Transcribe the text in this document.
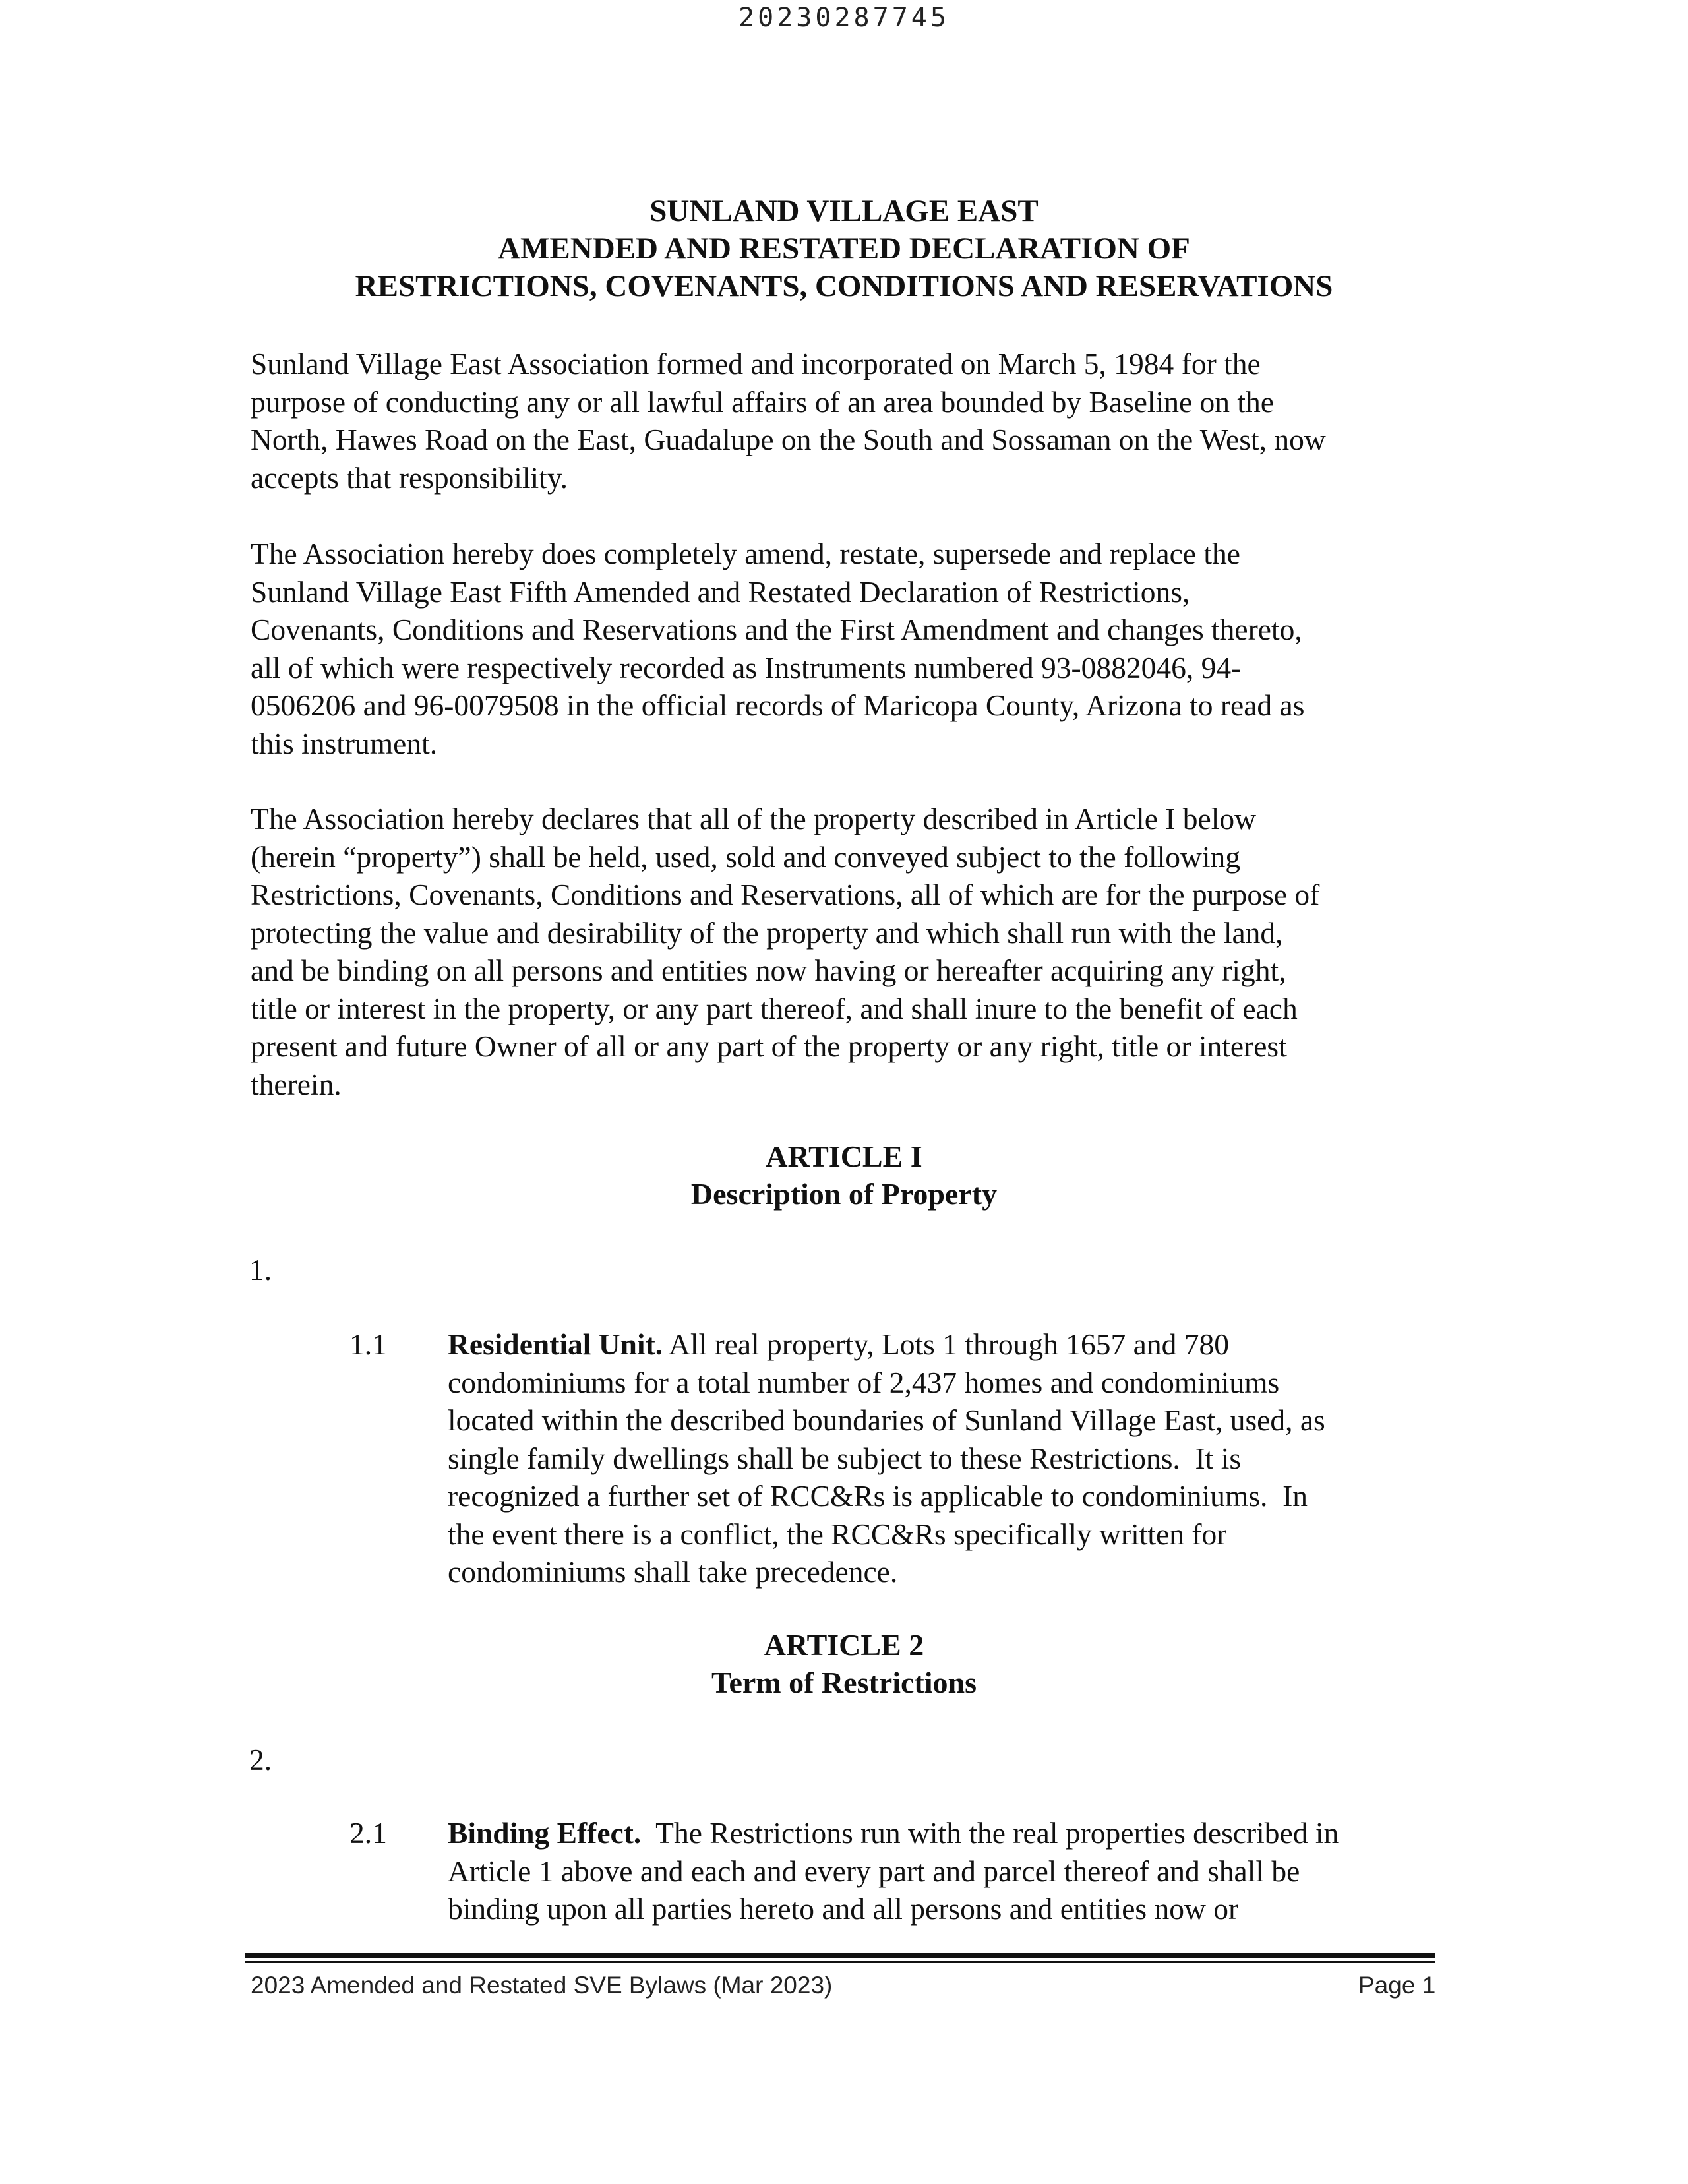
20230287745
SUNLAND VILLAGE EAST
AMENDED AND RESTATED DECLARATION OF
RESTRICTIONS, COVENANTS, CONDITIONS AND RESERVATIONS
Sunland Village East Association formed and incorporated on March 5, 1984 for the
purpose of conducting any or all lawful affairs of an area bounded by Baseline on the
North, Hawes Road on the East, Guadalupe on the South and Sossaman on the West, now
accepts that responsibility.
The Association hereby does completely amend, restate, supersede and replace the
Sunland Village East Fifth Amended and Restated Declaration of Restrictions,
Covenants, Conditions and Reservations and the First Amendment and changes thereto,
all of which were respectively recorded as Instruments numbered 93-0882046, 94-
0506206 and 96-0079508 in the official records of Maricopa County, Arizona to read as
this instrument.
The Association hereby declares that all of the property described in Article I below
(herein “property”) shall be held, used, sold and conveyed subject to the following
Restrictions, Covenants, Conditions and Reservations, all of which are for the purpose of
protecting the value and desirability of the property and which shall run with the land,
and be binding on all persons and entities now having or hereafter acquiring any right,
title or interest in the property, or any part thereof, and shall inure to the benefit of each
present and future Owner of all or any part of the property or any right, title or interest
therein.
ARTICLE I
Description of Property
1.
1.1 Residential Unit. All real property, Lots 1 through 1657 and 780
condominiums for a total number of 2,437 homes and condominiums
located within the described boundaries of Sunland Village East, used, as
single family dwellings shall be subject to these Restrictions.  It is
recognized a further set of RCC&Rs is applicable to condominiums.  In
the event there is a conflict, the RCC&Rs specifically written for
condominiums shall take precedence.
ARTICLE 2
Term of Restrictions
2.
2.1 Binding Effect.  The Restrictions run with the real properties described in
Article 1 above and each and every part and parcel thereof and shall be
binding upon all parties hereto and all persons and entities now or
2023 Amended and Restated SVE Bylaws (Mar 2023)	Page 1
